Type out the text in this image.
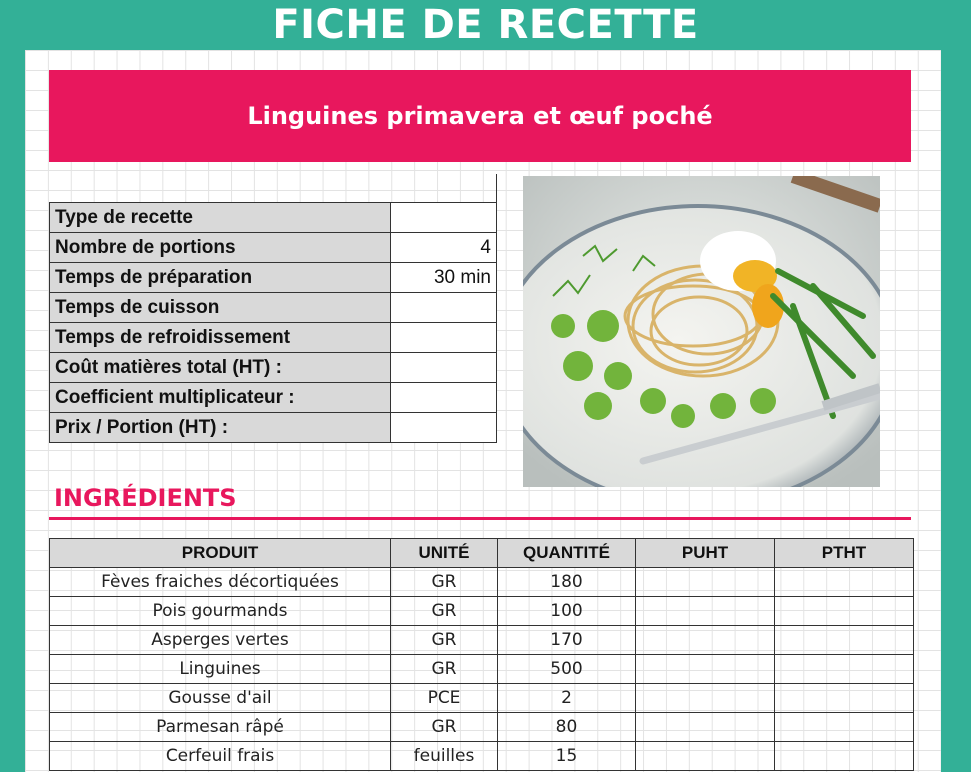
FICHE DE RECETTE
Linguines primavera et œuf poché
Type de recette	
Nombre de portions	4
Temps de préparation	30 min
Temps de cuisson	
Temps de refroidissement	
Coût matières total (HT) :	
Coefficient multiplicateur :	
Prix / Portion (HT) :	
INGRÉDIENTS
PRODUIT	UNITÉ	QUANTITÉ	PUHT	PTHT
Fèves fraiches décortiquées	GR	180		
Pois gourmands	GR	100		
Asperges vertes	GR	170		
Linguines	GR	500		
Gousse d'ail	PCE	2		
Parmesan râpé	GR	80		
Cerfeuil frais	feuilles	15		
